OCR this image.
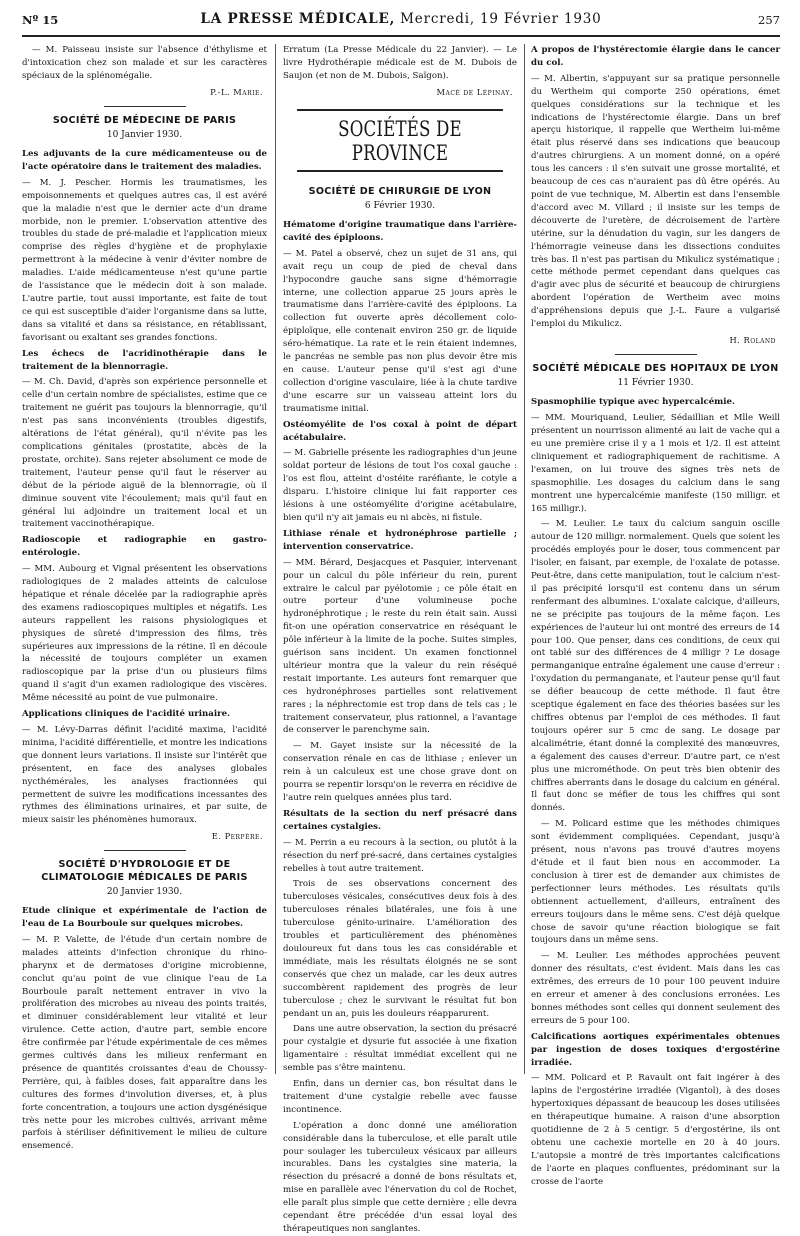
Nº 15	LA PRESSE MÉDICALE, Mercredi, 19 Février 1930	257

— M. Paisseau insiste sur l'absence d'éthylisme et d'intoxication chez son malade et sur les caractères spéciaux de la splénomégalie.

P.-L. Marie.
SOCIÉTÉ DE MÉDECINE DE PARIS
10 Janvier 1930.

Les adjuvants de la cure médicamenteuse ou de l'acte opératoire dans le traitement des maladies.

— M. J. Pescher. Hormis les traumatismes, les empoisonnements et quelques autres cas, il est avéré que la maladie n'est que le dernier acte d'un drame morbide, non le premier. L'observation attentive des troubles du stade de pré-maladie et l'application mieux comprise des règles d'hygiène et de prophylaxie permettront à la médecine à venir d'éviter nombre de maladies. L'aide médicamenteuse n'est qu'une partie de l'assistance que le médecin doit à son malade. L'autre partie, tout aussi importante, est faite de tout ce qui est susceptible d'aider l'organisme dans sa lutte, dans sa vitalité et dans sa résistance, en rétablissant, favorisant ou exaltant ses grandes fonctions.

Les échecs de l'acridinothérapie dans le traitement de la blennorragie.

— M. Ch. David, d'après son expérience personnelle et celle d'un certain nombre de spécialistes, estime que ce traitement ne guérit pas toujours la blennorragie, qu'il n'est pas sans inconvénients (troubles digestifs, altérations de l'état général), qu'il n'évite pas les complications génitales (prostatite, abcès de la prostate, orchite). Sans rejeter absolument ce mode de traitement, l'auteur pense qu'il faut le réserver au début de la période aiguë de la blennorragie, où il diminue souvent vite l'écoulement; mais qu'il faut en général lui adjoindre un traitement local et un traitement vaccinothérapique.

Radioscopie et radiographie en gastro-entérologie.

— MM. Aubourg et Vignal présentent les observations radiologiques de 2 malades atteints de calculose hépatique et rénale décelée par la radiographie après des examens radioscopiques multiples et négatifs. Les auteurs rappellent les raisons physiologiques et physiques de sûreté d'impression des films, très supérieures aux impressions de la rétine. Il en découle la nécessité de toujours compléter un examen radioscopique par la prise d'un ou plusieurs films quand il s'agit d'un examen radiologique des viscères. Même nécessité au point de vue pulmonaire.

Applications cliniques de l'acidité urinaire.

— M. Lévy-Darras définit l'acidité maxima, l'acidité minima, l'acidité différentielle, et montre les indications que donnent leurs variations. Il insiste sur l'intérêt que présentent, en face des analyses globales nycthémérales, les analyses fractionnées qui permettent de suivre les modifications incessantes des rythmes des éliminations urinaires, et par suite, de mieux saisir les phénomènes humoraux.

E. Perpère.
SOCIÉTÉ D'HYDROLOGIE ET DE CLIMATOLOGIE MÉDICALES DE PARIS
20 Janvier 1930.

Etude clinique et expérimentale de l'action de l'eau de La Bourboule sur quelques microbes.

— M. P. Valette, de l'étude d'un certain nombre de malades atteints d'infection chronique du rhino-pharynx et de dermatoses d'origine microbienne, conclut qu'au point de vue clinique l'eau de La Bourboule paraît nettement entraver in vivo la prolifération des microbes au niveau des points traités, et diminuer considérablement leur vitalité et leur virulence. Cette action, d'autre part, semble encore être confirmée par l'étude expérimentale de ces mêmes germes cultivés dans les milieux renfermant en présence de quantités croissantes d'eau de Choussy-Perrière, qui, à faibles doses, fait apparaître dans les cultures des formes d'involution diverses, et, à plus forte concentration, a toujours une action dysgénésique très nette pour les microbes cultivés, arrivant même parfois à stériliser définitivement le milieu de culture ensemencé.

Erratum (La Presse Médicale du 22 Janvier). — Le livre Hydrothérapie médicale est de M. Dubois de Saujon (et non de M. Dubois, Saïgon).

Macé de Lépinay.
SOCIÉTÉS DE PROVINCE
SOCIÉTÉ DE CHIRURGIE DE LYON
6 Février 1930.

Hématome d'origine traumatique dans l'arrière-cavité des épiploons.

— M. Patel a observé, chez un sujet de 31 ans, qui avait reçu un coup de pied de cheval dans l'hypocondre gauche sans signe d'hémorragie interne, une collection apparue 25 jours après le traumatisme dans l'arrière-cavité des épiploons. La collection fut ouverte après décollement colo-épiploïque, elle contenait environ 250 gr. de liquide séro-hématique. La rate et le rein étaient indemnes, le pancréas ne semble pas non plus devoir être mis en cause. L'auteur pense qu'il s'est agi d'une collection d'origine vasculaire, liée à la chute tardive d'une escarre sur un vaisseau atteint lors du traumatisme initial.

Ostéomyélite de l'os coxal à point de départ acétabulaire.

— M. Gabrielle présente les radiographies d'un jeune soldat porteur de lésions de tout l'os coxal gauche : l'os est flou, atteint d'ostéite raréfiante, le cotyle a disparu. L'histoire clinique lui fait rapporter ces lésions à une ostéomyélite d'origine acétabulaire, bien qu'il n'y ait jamais eu ni abcès, ni fistule.

Lithiase rénale et hydronéphrose partielle ; intervention conservatrice.

— MM. Bérard, Desjacques et Pasquier, intervenant pour un calcul du pôle inférieur du rein, purent extraire le calcul par pyélotomie ; ce pôle était en outre porteur d'une volumineuse poche hydronéphrotique ; le reste du rein était sain. Aussi fit-on une opération conservatrice en réséquant le pôle inférieur à la limite de la poche. Suites simples, guérison sans incident. Un examen fonctionnel ultérieur montra que la valeur du rein réséqué restait importante. Les auteurs font remarquer que ces hydronéphroses partielles sont relativement rares ; la néphrectomie est trop dans de tels cas ; le traitement conservateur, plus rationnel, a l'avantage de conserver le parenchyme sain.

— M. Gayet insiste sur la nécessité de la conservation rénale en cas de lithiase ; enlever un rein à un calculeux est une chose grave dont on pourra se repentir lorsqu'on le reverra en récidive de l'autre rein quelques années plus tard.

Résultats de la section du nerf présacré dans certaines cystalgies.

— M. Perrin a eu recours à la section, ou plutôt à la résection du nerf pré-sacré, dans certaines cystalgies rebelles à tout autre traitement.

Trois de ses observations concernent des tuberculoses vésicales, consécutives deux fois à des tuberculoses rénales bilatérales, une fois à une tuberculose génito-urinaire. L'amélioration des troubles et particulièrement des phénomènes douloureux fut dans tous les cas considérable et immédiate, mais les résultats éloignés ne se sont conservés que chez un malade, car les deux autres succombèrent rapidement des progrès de leur tuberculose ; chez le survivant le résultat fut bon pendant un an, puis les douleurs réapparurent.

Dans une autre observation, la section du présacré pour cystalgie et dysurie fut associée à une fixation ligamentaire : résultat immédiat excellent qui ne semble pas s'être maintenu.

Enfin, dans un dernier cas, bon résultat dans le traitement d'une cystalgie rebelle avec fausse incontinence.

L'opération a donc donné une amélioration considérable dans la tuberculose, et elle paraît utile pour soulager les tuberculeux vésicaux par ailleurs incurables. Dans les cystalgies sine materia, la résection du présacré a donné de bons résultats et, mise en parallèle avec l'énervation du col de Rochet, elle paraît plus simple que cette dernière ; elle devra cependant être précédée d'un essai loyal des thérapeutiques non sanglantes.

A propos de l'hystérectomie élargie dans le cancer du col.

— M. Albertin, s'appuyant sur sa pratique personnelle du Wertheim qui comporte 250 opérations, émet quelques considérations sur la technique et les indications de l'hystérectomie élargie. Dans un bref aperçu historique, il rappelle que Wertheim lui-même était plus réservé dans ses indications que beaucoup d'autres chirurgiens. A un moment donné, on a opéré tous les cancers : il s'en suivait une grosse mortalité, et beaucoup de ces cas n'auraient pas dû être opérés. Au point de vue technique, M. Albertin est dans l'ensemble d'accord avec M. Villard ; il insiste sur les temps de découverte de l'uretère, de décroisement de l'artère utérine, sur la dénudation du vagin, sur les dangers de l'hémorragie veineuse dans les dissections conduites très bas. Il n'est pas partisan du Mikulicz systématique ; cette méthode permet cependant dans quelques cas d'agir avec plus de sécurité et beaucoup de chirurgiens abordent l'opération de Wertheim avec moins d'appréhensions depuis que J.-L. Faure a vulgarisé l'emploi du Mikulicz.

H. Roland
SOCIÉTÉ MÉDICALE DES HOPITAUX DE LYON
11 Février 1930.

Spasmophilie typique avec hypercalcémie.

— MM. Mouriquand, Leulier, Sédaillian et Mlle Weill présentent un nourrisson alimenté au lait de vache qui a eu une première crise il y a 1 mois et 1/2. Il est atteint cliniquement et radiographiquement de rachitisme. A l'examen, on lui trouve des signes très nets de spasmophilie. Les dosages du calcium dans le sang montrent une hypercalcémie manifeste (150 milligr. et 165 milligr.).

— M. Leulier. Le taux du calcium sanguin oscille autour de 120 milligr. normalement. Quels que soient les procédés employés pour le doser, tous commencent par l'isoler, en faisant, par exemple, de l'oxalate de potasse. Peut-être, dans cette manipulation, tout le calcium n'est-il pas précipité lorsqu'il est contenu dans un sérum renfermant des albumines. L'oxalate calcique, d'ailleurs, ne se précipite pas toujours de la même façon. Les expériences de l'auteur lui ont montré des erreurs de 14 pour 100. Que penser, dans ces conditions, de ceux qui ont tablé sur des différences de 4 milligr ? Le dosage permanganique entraîne également une cause d'erreur : l'oxydation du permanganate, et l'auteur pense qu'il faut se défier beaucoup de cette méthode. Il faut être sceptique également en face des théories basées sur les chiffres obtenus par l'emploi de ces méthodes. Il faut toujours opérer sur 5 cmc de sang. Le dosage par alcalimétrie, étant donné la complexité des manœuvres, a également des causes d'erreur. D'autre part, ce n'est plus une microméthode. On peut très bien obtenir des chiffres aberrants dans le dosage du calcium en général. Il faut donc se méfier de tous les chiffres qui sont donnés.

— M. Policard estime que les méthodes chimiques sont évidemment compliquées. Cependant, jusqu'à présent, nous n'avons pas trouvé d'autres moyens d'étude et il faut bien nous en accommoder. La conclusion à tirer est de demander aux chimistes de perfectionner leurs méthodes. Les résultats qu'ils obtiennent actuellement, d'ailleurs, entraînent des erreurs toujours dans le même sens. C'est déjà quelque chose de savoir qu'une réaction biologique se fait toujours dans un même sens.

— M. Leulier. Les méthodes approchées peuvent donner des résultats, c'est évident. Mais dans les cas extrêmes, des erreurs de 10 pour 100 peuvent induire en erreur et amener à des conclusions erronées. Les bonnes méthodes sont celles qui donnent seulement des erreurs de 5 pour 100.

Calcifications aortiques expérimentales obtenues par ingestion de doses toxiques d'ergostérine irradiée.

— MM. Policard et P. Ravault ont fait ingérer à des lapins de l'ergostérine irradiée (Vigantol), à des doses hypertoxiques dépassant de beaucoup les doses utilisées en thérapeutique humaine. A raison d'une absorption quotidienne de 2 à 5 centigr. 5 d'ergostérine, ils ont obtenu une cachexie mortelle en 20 à 40 jours. L'autopsie a montré de très importantes calcifications de l'aorte en plaques confluentes, prédominant sur la crosse de l'aorte
